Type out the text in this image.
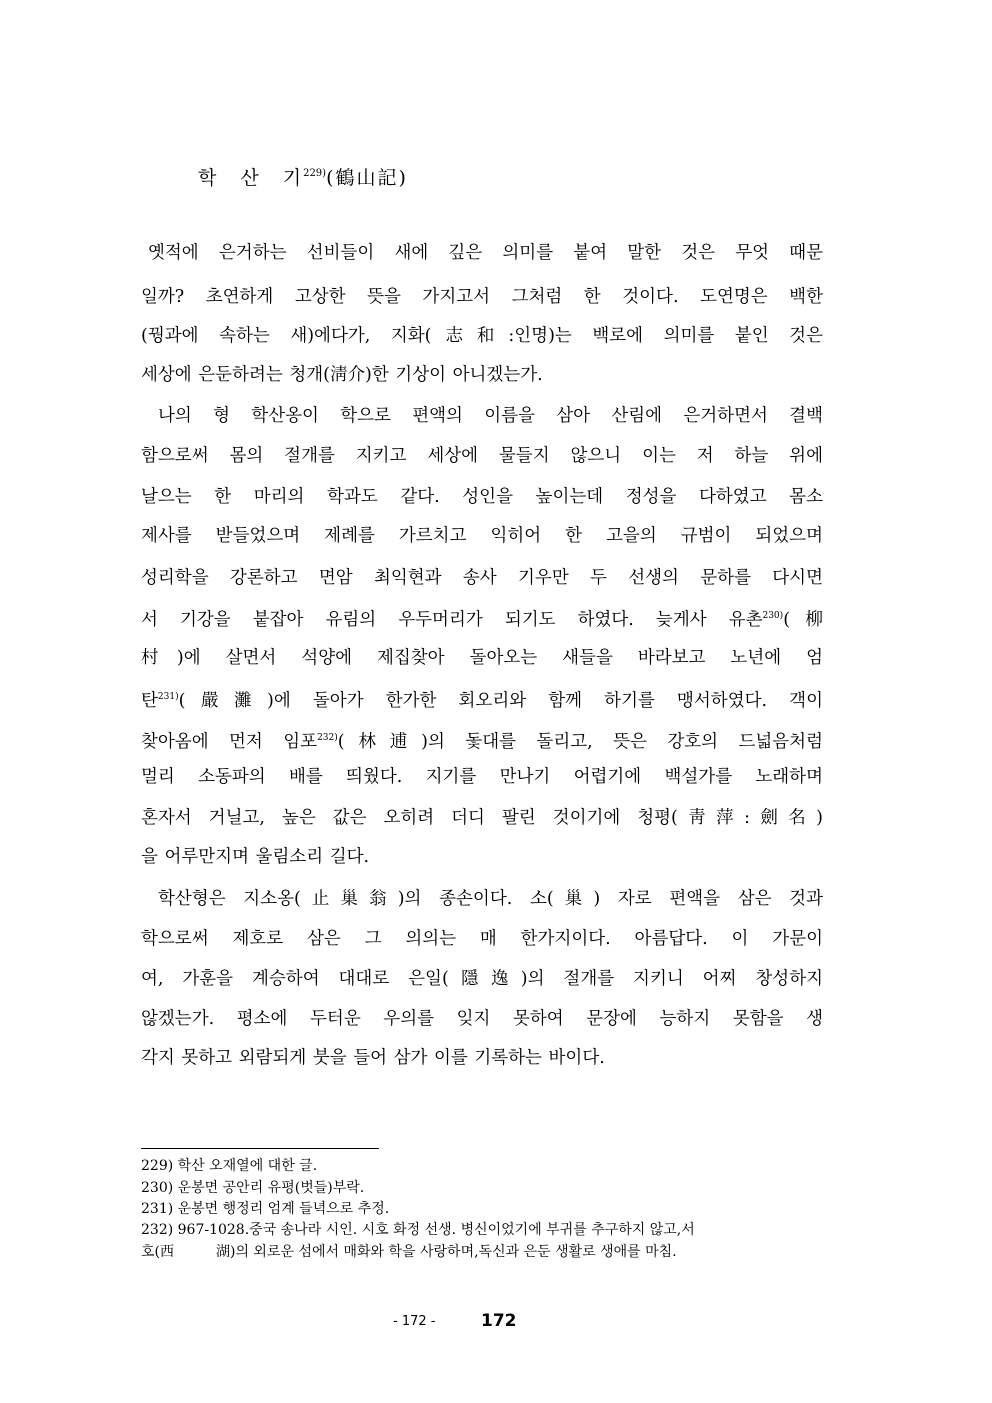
학 산 기$^{229)}$(鶴山記)
옛적에 은거하는 선비들이 새에 깊은 의미를 붙여 말한 것은 무엇 때문
일까? 초연하게 고상한 뜻을 가지고서 그처럼 한 것이다. 도연명은 백한
(꿩과에 속하는 새)에다가, 지화(志和:인명)는 백로에 의미를 붙인 것은
세상에 은둔하려는 청개(淸介)한 기상이 아니겠는가.
나의 형 학산옹이 학으로 편액의 이름을 삼아 산림에 은거하면서 결백
함으로써 몸의 절개를 지키고 세상에 물들지 않으니 이는 저 하늘 위에
날으는 한 마리의 학과도 같다. 성인을 높이는데 정성을 다하였고 몸소
제사를 받들었으며 제례를 가르치고 익히어 한 고을의 규범이 되었으며
성리학을 강론하고 면암 최익현과 송사 기우만 두 선생의 문하를 다시면
서 기강을 붙잡아 유림의 우두머리가 되기도 하였다. 늦게사 유촌$^{230)}$(柳
村)에 살면서 석양에 제집찾아 돌아오는 새들을 바라보고 노년에 엄
탄$^{231)}$(嚴灘)에 돌아가 한가한 회오리와 함께 하기를 맹서하였다. 객이
찾아옴에 먼저 임포$^{232)}$(林逋)의 돛대를 돌리고, 뜻은 강호의 드넓음처럼
멀리 소동파의 배를 띄웠다. 지기를 만나기 어렵기에 백설가를 노래하며
혼자서 거닐고, 높은 값은 오히려 더디 팔린 것이기에 청평(靑萍:劍名)
을 어루만지며 울림소리 길다.
학산형은 지소옹(止巢翁)의 종손이다. 소(巢) 자로 편액을 삼은 것과
학으로써 제호로 삼은 그 의의는 매 한가지이다. 아름답다. 이 가문이
여, 가훈을 계승하여 대대로 은일(隱逸)의 절개를 지키니 어찌 창성하지
않겠는가. 평소에 두터운 우의를 잊지 못하여 문장에 능하지 못함을 생
각지 못하고 외람되게 붓을 들어 삼가 이를 기록하는 바이다.
229) 학산 오재열에 대한 글.
230) 운봉면 공안리 유평(벗들)부락.
231) 운봉면 행정리 엄계 들녁으로 추정.
232) 967-1028.중국 송나라 시인. 시호 화정 선생. 병신이었기에 부귀를 추구하지 않고,서
호(西	湖)의 외로운 섬에서 매화와 학을 사랑하며,독신과 은둔 생활로 생애를 마침.
- 172 -	172
